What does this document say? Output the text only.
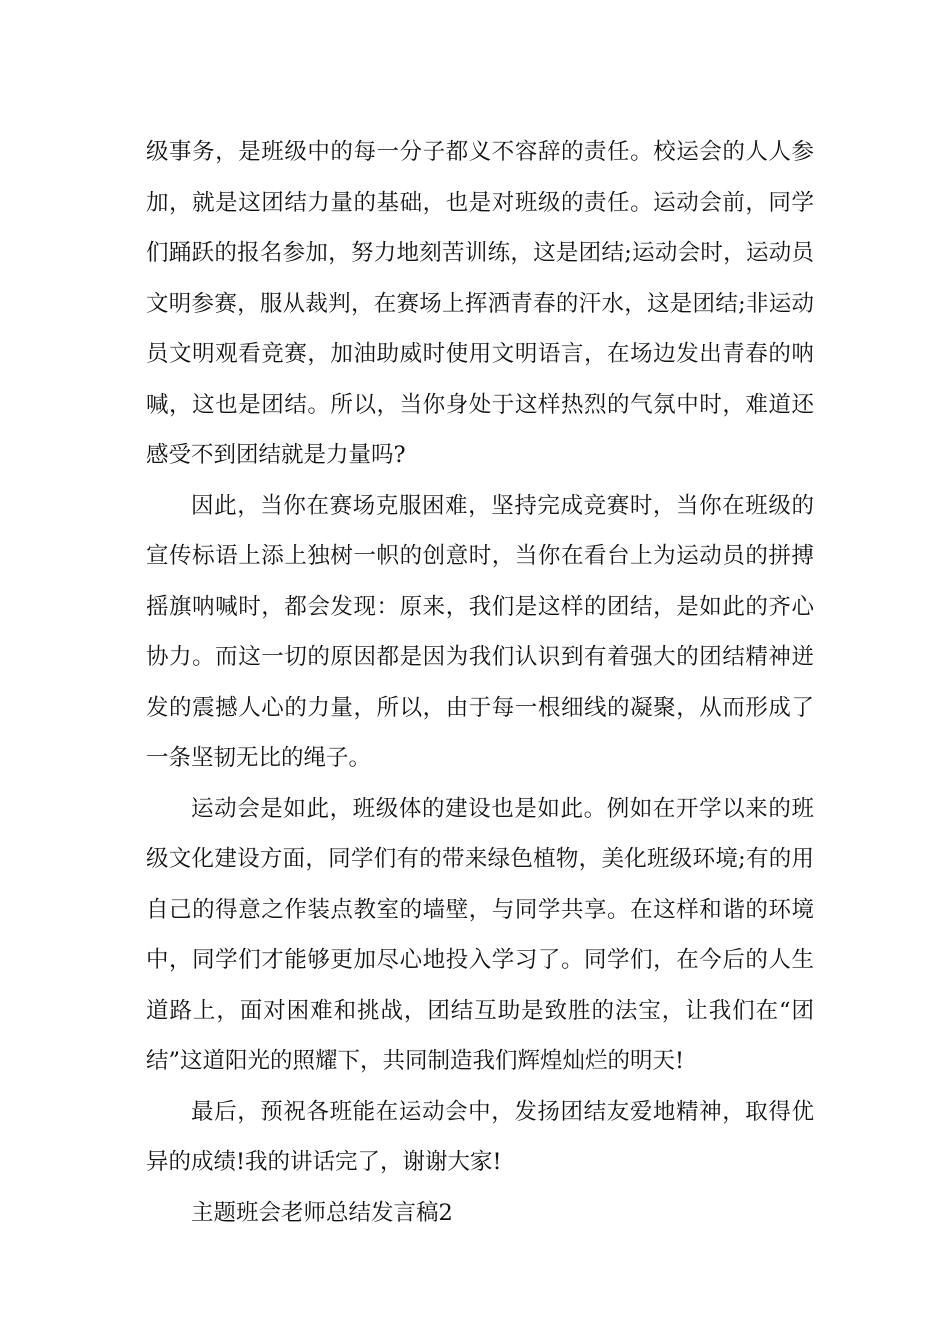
级事务，是班级中的每一分子都义不容辞的责任。校运会的人人参

加，就是这团结力量的基础，也是对班级的责任。运动会前，同学

们踊跃的报名参加，努力地刻苦训练，这是团结;运动会时，运动员

文明参赛，服从裁判，在赛场上挥洒青春的汗水，这是团结;非运动

员文明观看竞赛，加油助威时使用文明语言，在场边发出青春的呐

喊，这也是团结。所以，当你身处于这样热烈的气氛中时，难道还

感受不到团结就是力量吗?

因此，当你在赛场克服困难，坚持完成竞赛时，当你在班级的

宣传标语上添上独树一帜的创意时，当你在看台上为运动员的拼搏

摇旗呐喊时，都会发现：原来，我们是这样的团结，是如此的齐心

协力。而这一切的原因都是因为我们认识到有着强大的团结精神迸

发的震撼人心的力量，所以，由于每一根细线的凝聚，从而形成了

一条坚韧无比的绳子。

运动会是如此，班级体的建设也是如此。例如在开学以来的班

级文化建设方面，同学们有的带来绿色植物，美化班级环境;有的用

自己的得意之作装点教室的墙壁，与同学共享。在这样和谐的环境

中，同学们才能够更加尽心地投入学习了。同学们，在今后的人生

道路上，面对困难和挑战，团结互助是致胜的法宝，让我们在“团

结”这道阳光的照耀下，共同制造我们辉煌灿烂的明天!

最后，预祝各班能在运动会中，发扬团结友爱地精神，取得优

异的成绩!我的讲话完了，谢谢大家!

主题班会老师总结发言稿2
